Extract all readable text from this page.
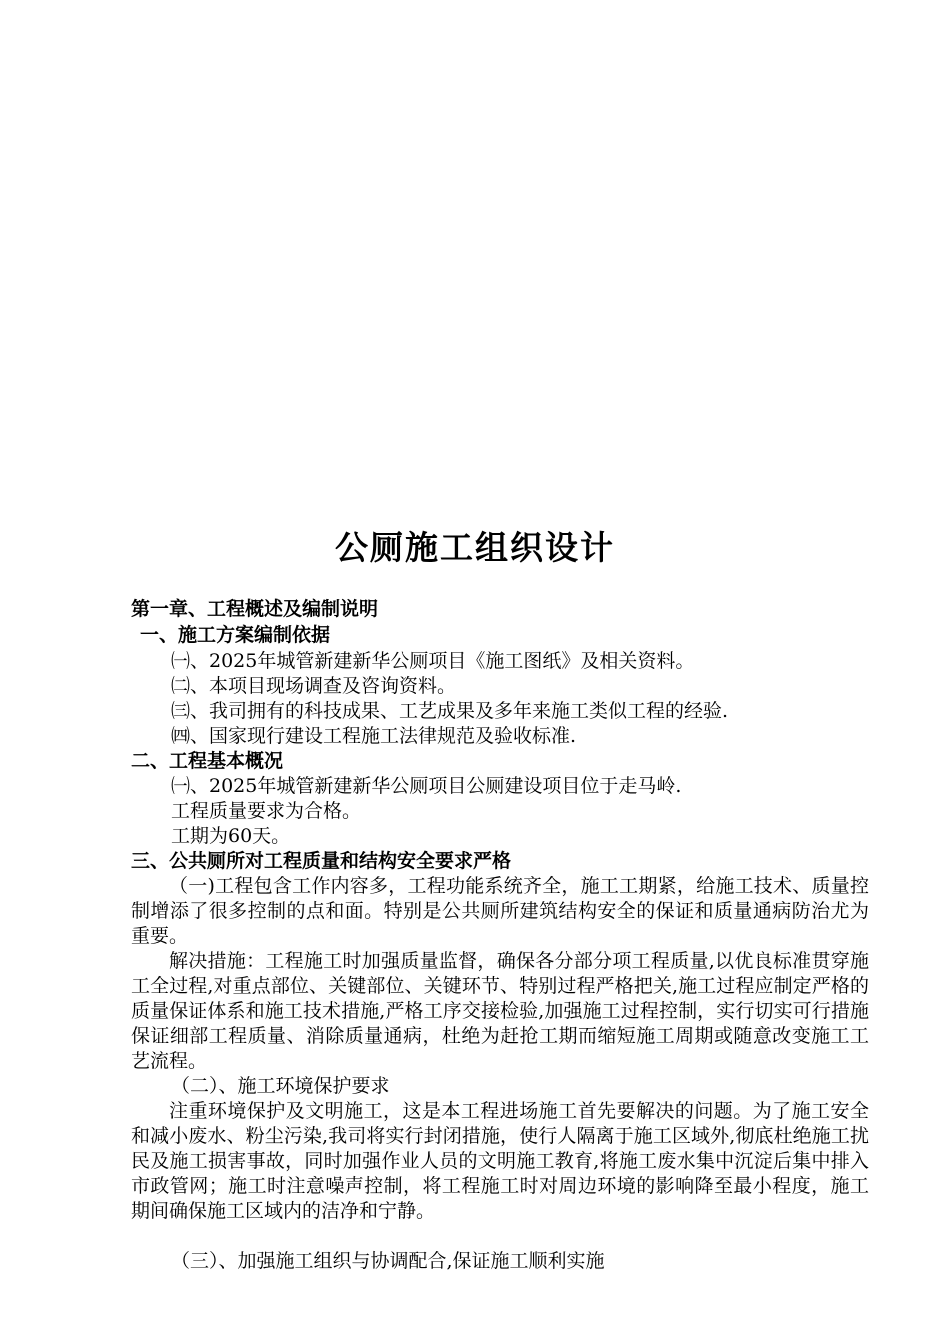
公厕施工组织设计
第一章、工程概述及编制说明
一、施工方案编制依据
㈠、2025年城管新建新华公厕项目《施工图纸》及相关资料。
㈡、本项目现场调查及咨询资料。
㈢、我司拥有的科技成果、工艺成果及多年来施工类似工程的经验.
㈣、国家现行建设工程施工法律规范及验收标准.
二、工程基本概况
㈠、2025年城管新建新华公厕项目公厕建设项目位于走马岭.
工程质量要求为合格。
工期为60天。
三、公共厕所对工程质量和结构安全要求严格
（一)工程包含工作内容多，工程功能系统齐全，施工工期紧，给施工技术、质量控制增添了很多控制的点和面。特别是公共厕所建筑结构安全的保证和质量通病防治尤为重要。
解决措施：工程施工时加强质量监督，确保各分部分项工程质量,以优良标准贯穿施工全过程,对重点部位、关键部位、关键环节、特别过程严格把关,施工过程应制定严格的质量保证体系和施工技术措施,严格工序交接检验,加强施工过程控制，实行切实可行措施保证细部工程质量、消除质量通病，杜绝为赶抢工期而缩短施工周期或随意改变施工工艺流程。
（二）、施工环境保护要求
注重环境保护及文明施工，这是本工程进场施工首先要解决的问题。为了施工安全和减小废水、粉尘污染,我司将实行封闭措施，使行人隔离于施工区域外,彻底杜绝施工扰民及施工损害事故，同时加强作业人员的文明施工教育,将施工废水集中沉淀后集中排入市政管网；施工时注意噪声控制，将工程施工时对周边环境的影响降至最小程度，施工期间确保施工区域内的洁净和宁静。
（三）、加强施工组织与协调配合,保证施工顺利实施
